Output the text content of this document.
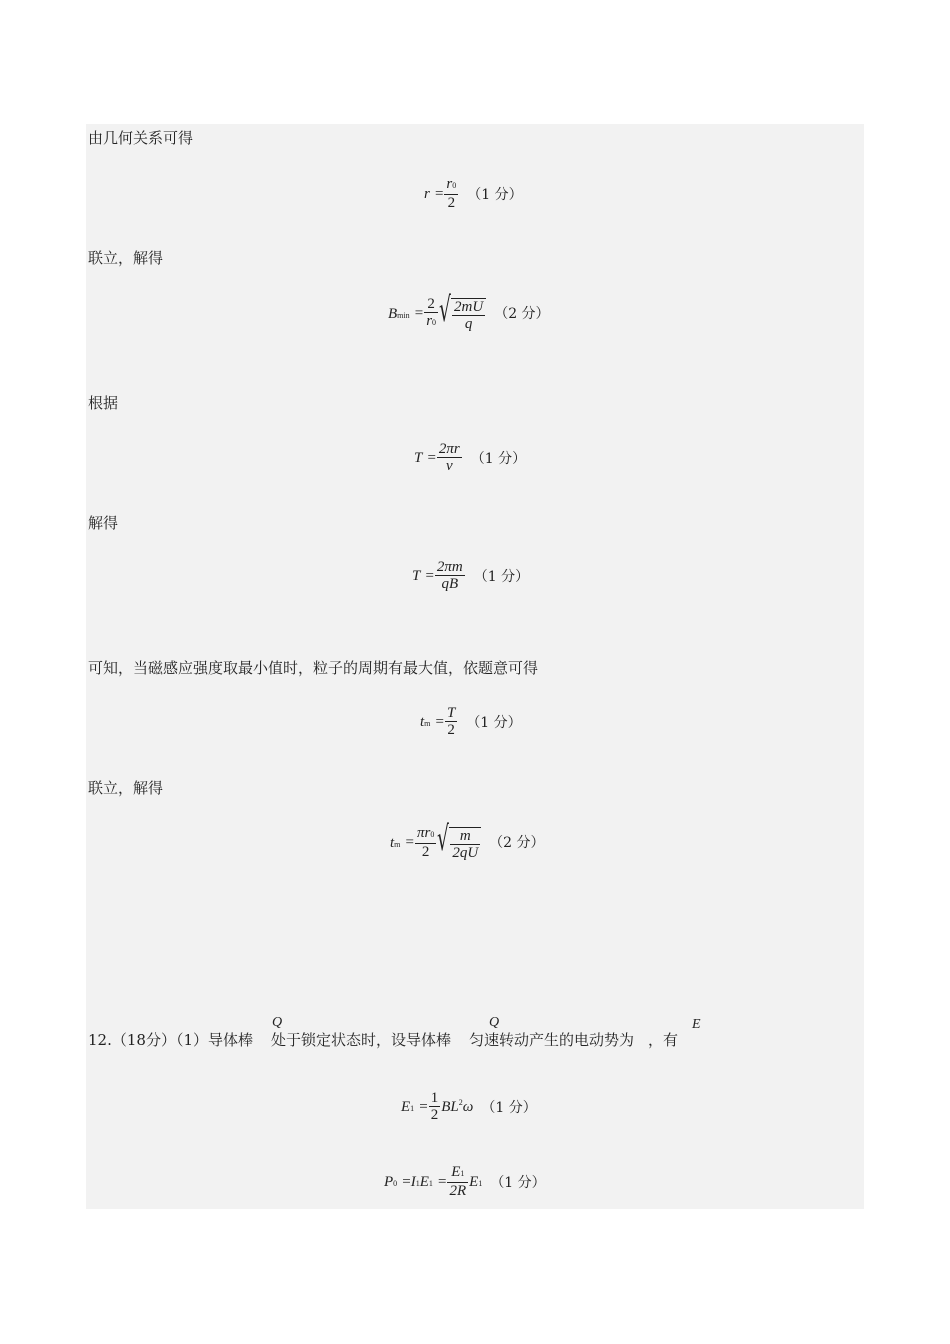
由几何关系可得
$r = \frac{r0}{2} (1$ 分）
联立，解得
$Bmin = \frac{2}{r0}$ √ $\frac{2mU}{q} (2$ 分）
根据
$T = \frac{2\pi r}{v} (1$ 分）
解得
$T = \frac{2\pi m}{qB} (1$ 分）
可知，当磁感应强度取最小值时，粒子的周期有最大值，依题意可得
tm = $\frac{T}{2} (1$ 分）
联立，解得
tm = $\frac{\pi r0}{2}$ √ $\frac{m}{2qU} (2$ 分）
12.（18分）（1）导体棒 处于锁定状态时，设导体棒 匀速转动产生的电动势为 ，有
Q	Q	E
$E1 = \frac{1}{2} BL^2\omega$ （1 分）
$P0 =I1E1 = \frac{E1}{2R} E1$ （1 分）
